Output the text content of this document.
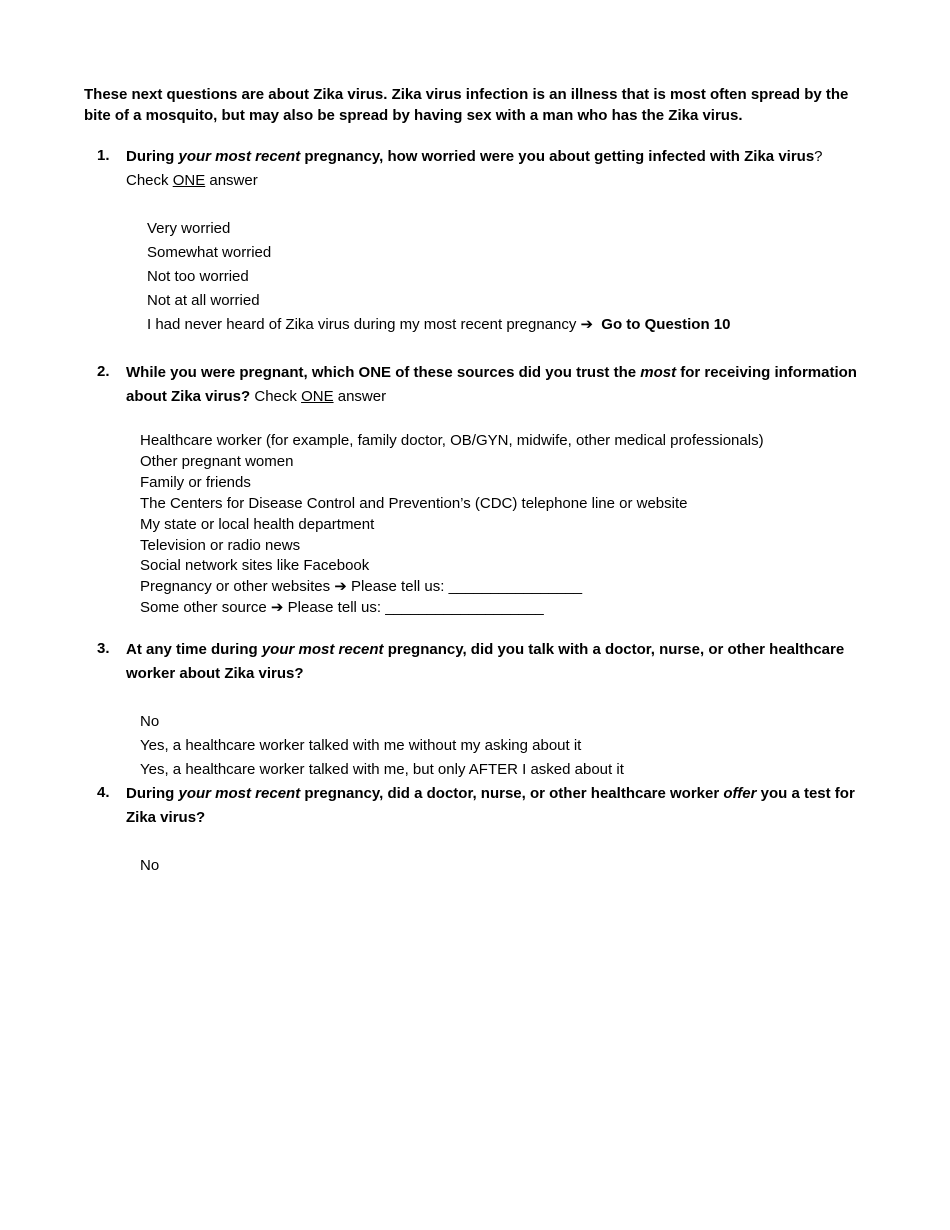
These next questions are about Zika virus. Zika virus infection is an illness that is most often spread by the bite of a mosquito, but may also be spread by having sex with a man who has the Zika virus.
1. During your most recent pregnancy, how worried were you about getting infected with Zika virus?
Check ONE answer
Very worried
Somewhat worried
Not too worried
Not at all worried
I had never heard of Zika virus during my most recent pregnancy ➔ Go to Question 10
2. While you were pregnant, which ONE of these sources did you trust the most for receiving information about Zika virus? Check ONE answer
Healthcare worker (for example, family doctor, OB/GYN, midwife, other medical professionals)
Other pregnant women
Family or friends
The Centers for Disease Control and Prevention’s (CDC) telephone line or website
My state or local health department
Television or radio news
Social network sites like Facebook
Pregnancy or other websites ➔ Please tell us: ________________
Some other source ➔ Please tell us: ___________________
3. At any time during your most recent pregnancy, did you talk with a doctor, nurse, or other healthcare worker about Zika virus?
No
Yes, a healthcare worker talked with me without my asking about it
Yes, a healthcare worker talked with me, but only AFTER I asked about it
4. During your most recent pregnancy, did a doctor, nurse, or other healthcare worker offer you a test for Zika virus?
No
